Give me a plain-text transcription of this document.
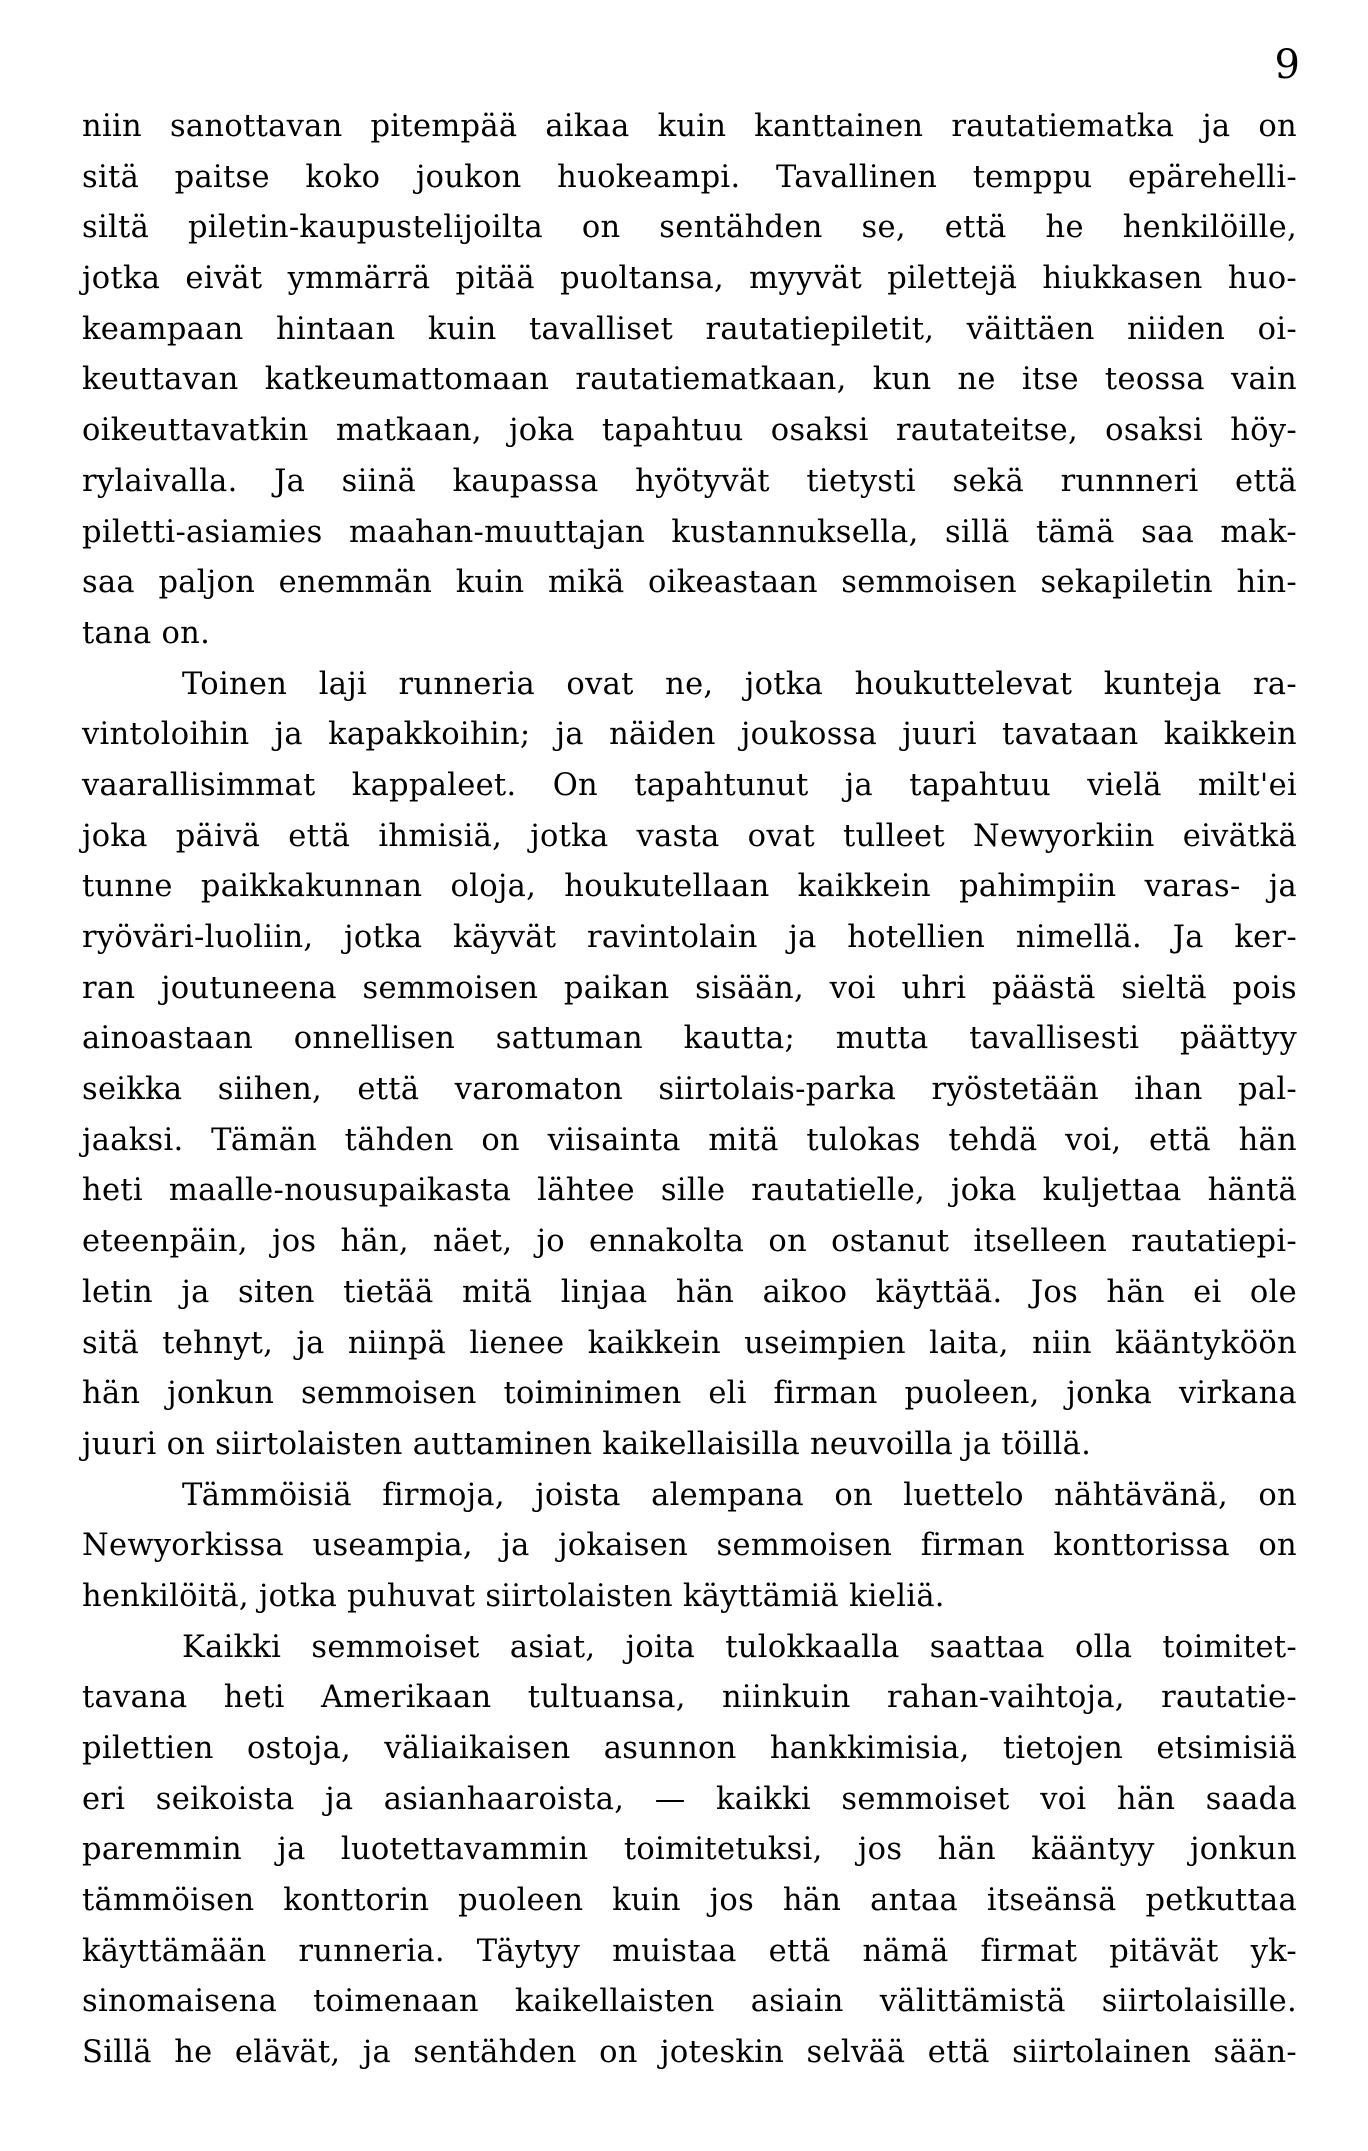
9
niin sanottavan pitempää aikaa kuin kanttainen rautatiematka ja on
sitä paitse koko joukon huokeampi. Tavallinen temppu epärehelli-
siltä piletin-kaupustelijoilta on sentähden se, että he henkilöille,
jotka eivät ymmärrä pitää puoltansa, myyvät pilettejä hiukkasen huo-
keampaan hintaan kuin tavalliset rautatiepiletit, väittäen niiden oi-
keuttavan katkeumattomaan rautatiematkaan, kun ne itse teossa vain
oikeuttavatkin matkaan, joka tapahtuu osaksi rautateitse, osaksi höy-
rylaivalla. Ja siinä kaupassa hyötyvät tietysti sekä runnneri että
piletti-asiamies maahan-muuttajan kustannuksella, sillä tämä saa mak-
saa paljon enemmän kuin mikä oikeastaan semmoisen sekapiletin hin-
tana on.
Toinen laji runneria ovat ne, jotka houkuttelevat kunteja ra-
vintoloihin ja kapakkoihin; ja näiden joukossa juuri tavataan kaikkein
vaarallisimmat kappaleet. On tapahtunut ja tapahtuu vielä milt'ei
joka päivä että ihmisiä, jotka vasta ovat tulleet Newyorkiin eivätkä
tunne paikkakunnan oloja, houkutellaan kaikkein pahimpiin varas- ja
ryöväri-luoliin, jotka käyvät ravintolain ja hotellien nimellä. Ja ker-
ran joutuneena semmoisen paikan sisään, voi uhri päästä sieltä pois
ainoastaan onnellisen sattuman kautta; mutta tavallisesti päättyy
seikka siihen, että varomaton siirtolais-parka ryöstetään ihan pal-
jaaksi. Tämän tähden on viisainta mitä tulokas tehdä voi, että hän
heti maalle-nousupaikasta lähtee sille rautatielle, joka kuljettaa häntä
eteenpäin, jos hän, näet, jo ennakolta on ostanut itselleen rautatiepi-
letin ja siten tietää mitä linjaa hän aikoo käyttää. Jos hän ei ole
sitä tehnyt, ja niinpä lienee kaikkein useimpien laita, niin kääntyköön
hän jonkun semmoisen toiminimen eli firman puoleen, jonka virkana
juuri on siirtolaisten auttaminen kaikellaisilla neuvoilla ja töillä.
Tämmöisiä firmoja, joista alempana on luettelo nähtävänä, on
Newyorkissa useampia, ja jokaisen semmoisen firman konttorissa on
henkilöitä, jotka puhuvat siirtolaisten käyttämiä kieliä.
Kaikki semmoiset asiat, joita tulokkaalla saattaa olla toimitet-
tavana heti Amerikaan tultuansa, niinkuin rahan-vaihtoja, rautatie-
pilettien ostoja, väliaikaisen asunnon hankkimisia, tietojen etsimisiä
eri seikoista ja asianhaaroista, — kaikki semmoiset voi hän saada
paremmin ja luotettavammin toimitetuksi, jos hän kääntyy jonkun
tämmöisen konttorin puoleen kuin jos hän antaa itseänsä petkuttaa
käyttämään runneria. Täytyy muistaa että nämä firmat pitävät yk-
sinomaisena toimenaan kaikellaisten asiain välittämistä siirtolaisille.
Sillä he elävät, ja sentähden on joteskin selvää että siirtolainen sään-
